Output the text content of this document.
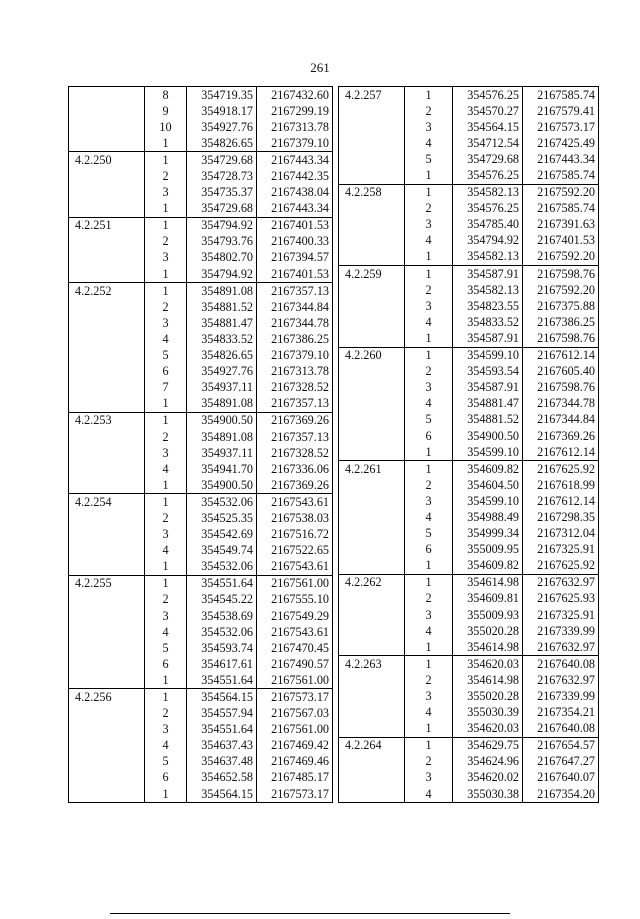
261
	8	354719.35	2167432.60
	9	354918.17	2167299.19
	10	354927.76	2167313.78
	1	354826.65	2167379.10
4.2.250	1	354729.68	2167443.34
	2	354728.73	2167442.35
	3	354735.37	2167438.04
	1	354729.68	2167443.34
4.2.251	1	354794.92	2167401.53
	2	354793.76	2167400.33
	3	354802.70	2167394.57
	1	354794.92	2167401.53
4.2.252	1	354891.08	2167357.13
	2	354881.52	2167344.84
	3	354881.47	2167344.78
	4	354833.52	2167386.25
	5	354826.65	2167379.10
	6	354927.76	2167313.78
	7	354937.11	2167328.52
	1	354891.08	2167357.13
4.2.253	1	354900.50	2167369.26
	2	354891.08	2167357.13
	3	354937.11	2167328.52
	4	354941.70	2167336.06
	1	354900.50	2167369.26
4.2.254	1	354532.06	2167543.61
	2	354525.35	2167538.03
	3	354542.69	2167516.72
	4	354549.74	2167522.65
	1	354532.06	2167543.61
4.2.255	1	354551.64	2167561.00
	2	354545.22	2167555.10
	3	354538.69	2167549.29
	4	354532.06	2167543.61
	5	354593.74	2167470.45
	6	354617.61	2167490.57
	1	354551.64	2167561.00
4.2.256	1	354564.15	2167573.17
	2	354557.94	2167567.03
	3	354551.64	2167561.00
	4	354637.43	2167469.42
	5	354637.48	2167469.46
	6	354652.58	2167485.17
	1	354564.15	2167573.17
4.2.257	1	354576.25	2167585.74
	2	354570.27	2167579.41
	3	354564.15	2167573.17
	4	354712.54	2167425.49
	5	354729.68	2167443.34
	1	354576.25	2167585.74
4.2.258	1	354582.13	2167592.20
	2	354576.25	2167585.74
	3	354785.40	2167391.63
	4	354794.92	2167401.53
	1	354582.13	2167592.20
4.2.259	1	354587.91	2167598.76
	2	354582.13	2167592.20
	3	354823.55	2167375.88
	4	354833.52	2167386.25
	1	354587.91	2167598.76
4.2.260	1	354599.10	2167612.14
	2	354593.54	2167605.40
	3	354587.91	2167598.76
	4	354881.47	2167344.78
	5	354881.52	2167344.84
	6	354900.50	2167369.26
	1	354599.10	2167612.14
4.2.261	1	354609.82	2167625.92
	2	354604.50	2167618.99
	3	354599.10	2167612.14
	4	354988.49	2167298.35
	5	354999.34	2167312.04
	6	355009.95	2167325.91
	1	354609.82	2167625.92
4.2.262	1	354614.98	2167632.97
	2	354609.81	2167625.93
	3	355009.93	2167325.91
	4	355020.28	2167339.99
	1	354614.98	2167632.97
4.2.263	1	354620.03	2167640.08
	2	354614.98	2167632.97
	3	355020.28	2167339.99
	4	355030.39	2167354.21
	1	354620.03	2167640.08
4.2.264	1	354629.75	2167654.57
	2	354624.96	2167647.27
	3	354620.02	2167640.07
	4	355030.38	2167354.20
